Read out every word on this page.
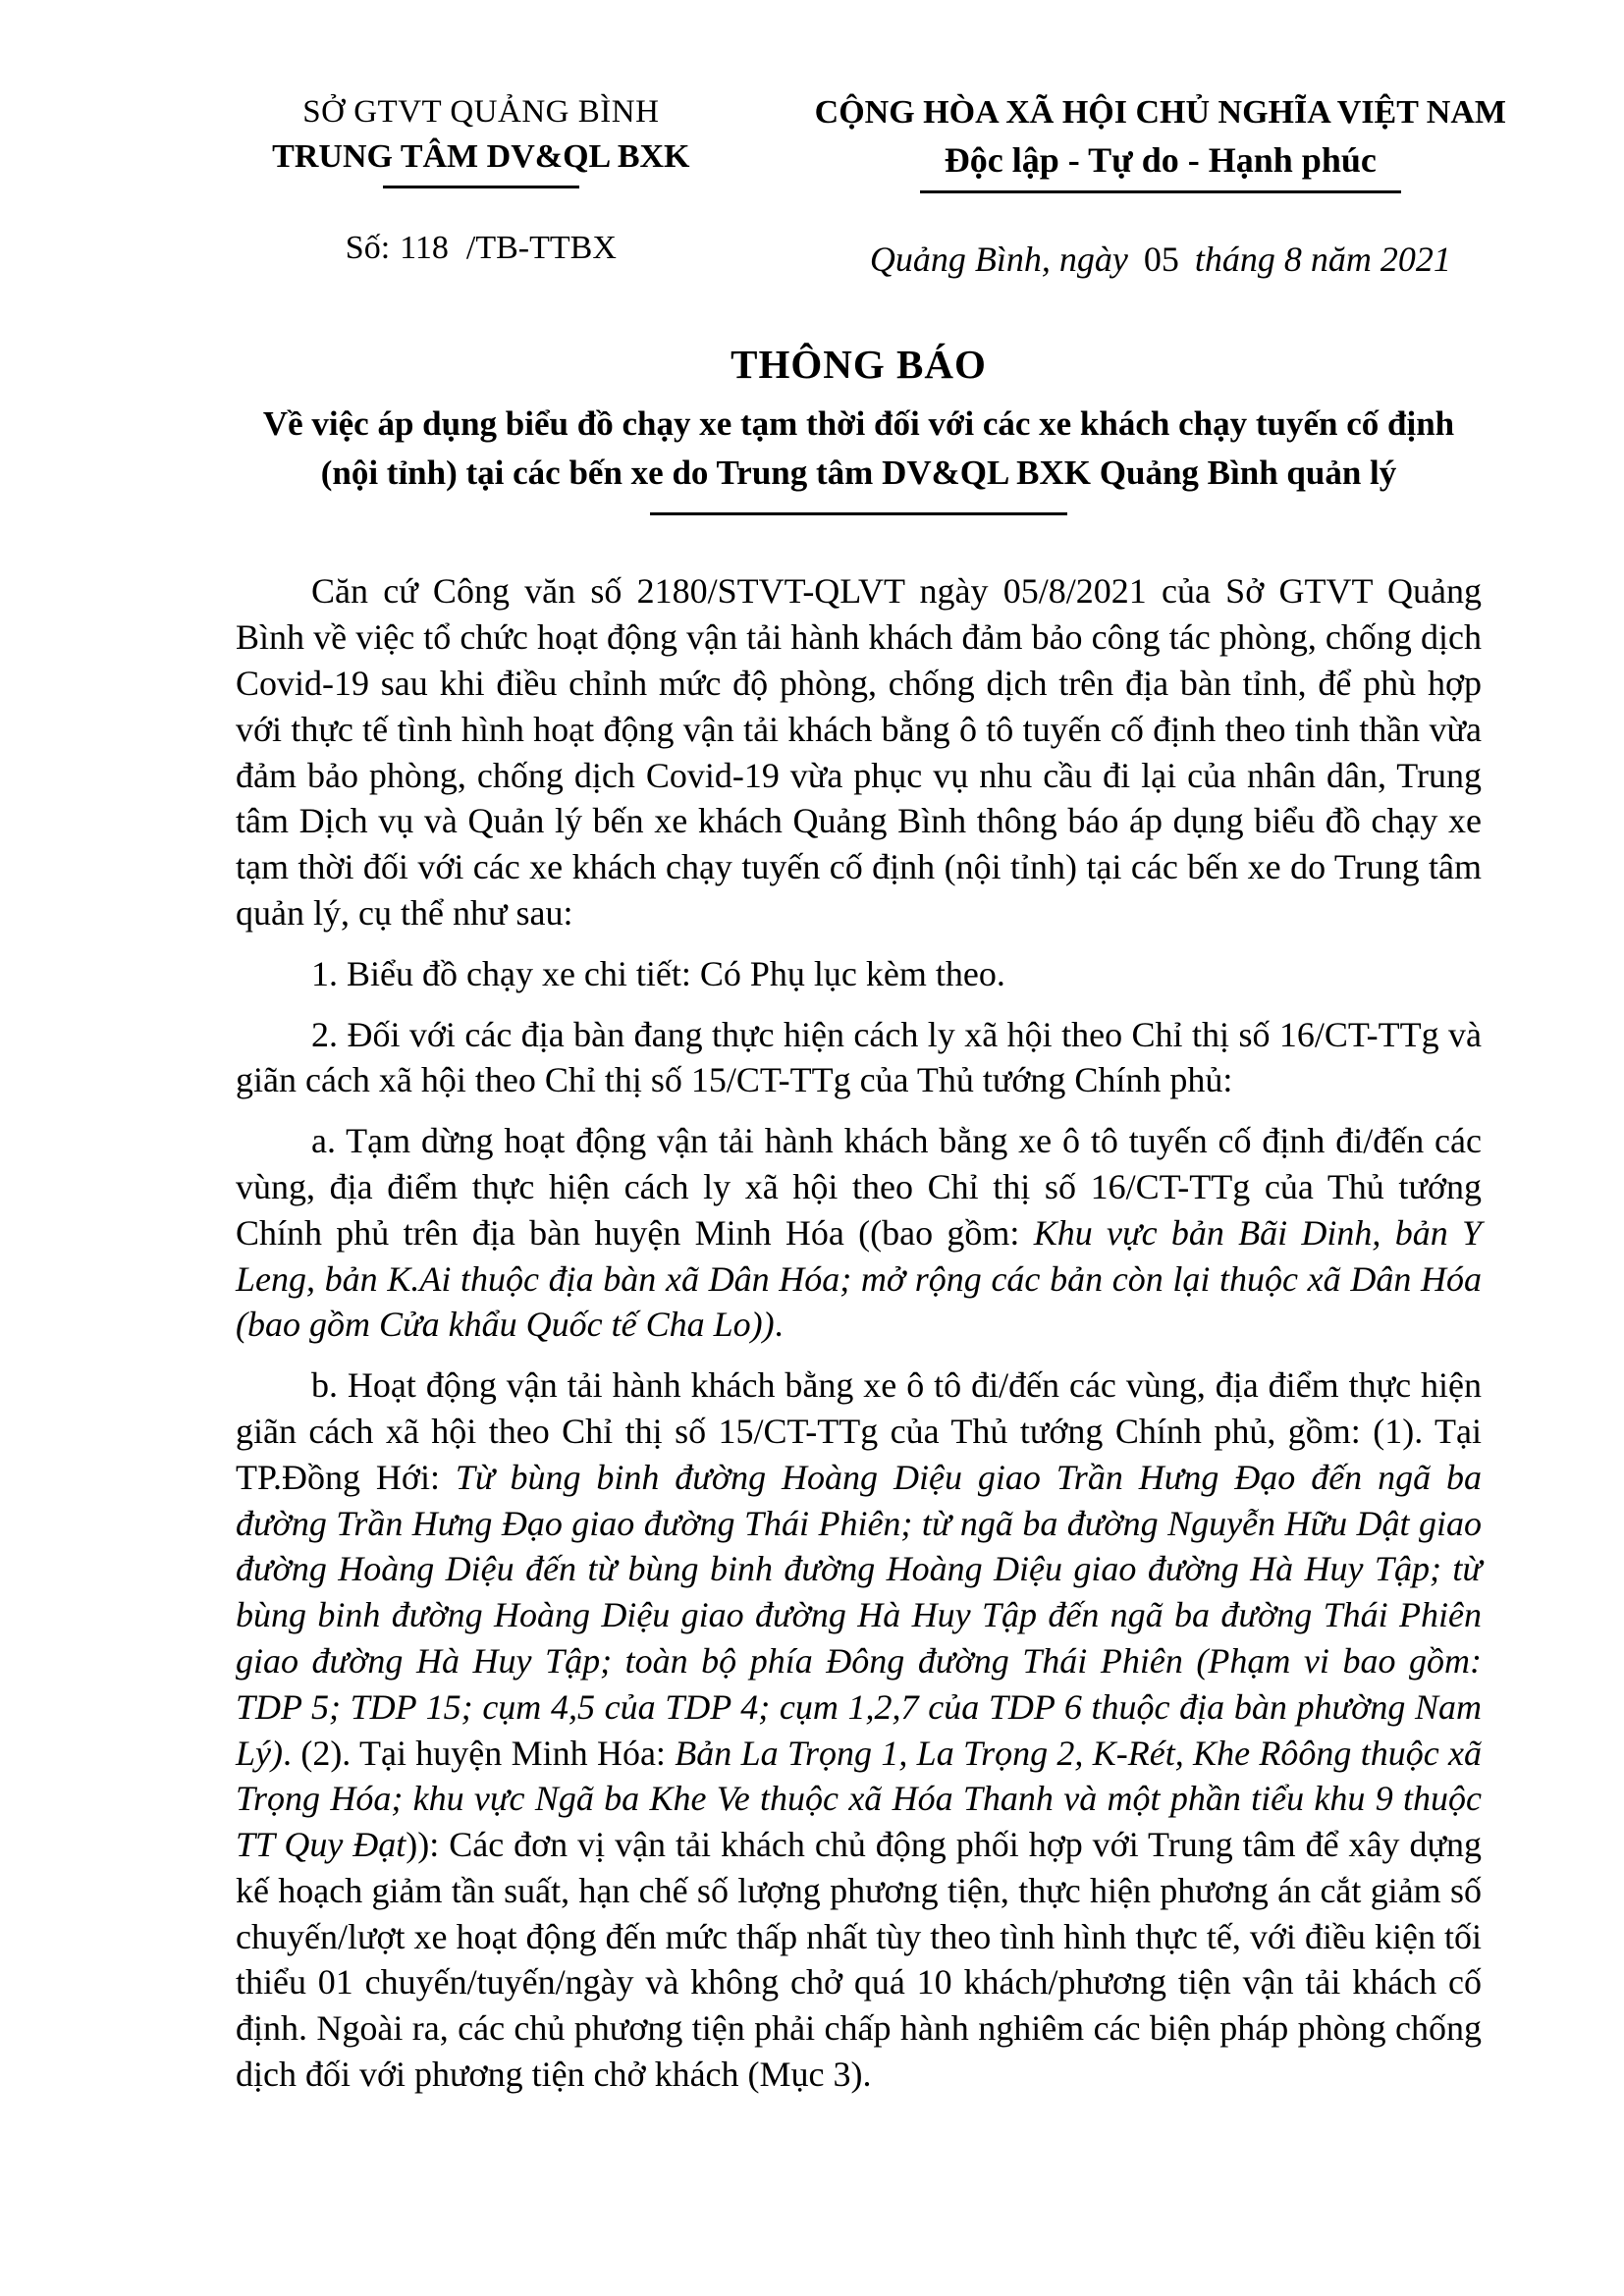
SỞ GTVT QUẢNG BÌNH
TRUNG TÂM DV&QL BXK
Số: 118 /TB-TTBX
CỘNG HÒA XÃ HỘI CHỦ NGHĨA VIỆT NAM
Độc lập - Tự do - Hạnh phúc
Quảng Bình, ngày 05 tháng 8 năm 2021
THÔNG BÁO
Về việc áp dụng biểu đồ chạy xe tạm thời đối với các xe khách chạy tuyến cố định (nội tỉnh) tại các bến xe do Trung tâm DV&QL BXK Quảng Bình quản lý

Căn cứ Công văn số 2180/STVT-QLVT ngày 05/8/2021 của Sở GTVT Quảng Bình về việc tổ chức hoạt động vận tải hành khách đảm bảo công tác phòng, chống dịch Covid-19 sau khi điều chỉnh mức độ phòng, chống dịch trên địa bàn tỉnh, để phù hợp với thực tế tình hình hoạt động vận tải khách bằng ô tô tuyến cố định theo tinh thần vừa đảm bảo phòng, chống dịch Covid-19 vừa phục vụ nhu cầu đi lại của nhân dân, Trung tâm Dịch vụ và Quản lý bến xe khách Quảng Bình thông báo áp dụng biểu đồ chạy xe tạm thời đối với các xe khách chạy tuyến cố định (nội tỉnh) tại các bến xe do Trung tâm quản lý, cụ thể như sau:

1. Biểu đồ chạy xe chi tiết: Có Phụ lục kèm theo.

2. Đối với các địa bàn đang thực hiện cách ly xã hội theo Chỉ thị số 16/CT-TTg và giãn cách xã hội theo Chỉ thị số 15/CT-TTg của Thủ tướng Chính phủ:

a. Tạm dừng hoạt động vận tải hành khách bằng xe ô tô tuyến cố định đi/đến các vùng, địa điểm thực hiện cách ly xã hội theo Chỉ thị số 16/CT-TTg của Thủ tướng Chính phủ trên địa bàn huyện Minh Hóa ((bao gồm: Khu vực bản Bãi Dinh, bản Y Leng, bản K.Ai thuộc địa bàn xã Dân Hóa; mở rộng các bản còn lại thuộc xã Dân Hóa (bao gồm Cửa khẩu Quốc tế Cha Lo)).

b. Hoạt động vận tải hành khách bằng xe ô tô đi/đến các vùng, địa điểm thực hiện giãn cách xã hội theo Chỉ thị số 15/CT-TTg của Thủ tướng Chính phủ, gồm: (1). Tại TP.Đồng Hới: Từ bùng binh đường Hoàng Diệu giao Trần Hưng Đạo đến ngã ba đường Trần Hưng Đạo giao đường Thái Phiên; từ ngã ba đường Nguyễn Hữu Dật giao đường Hoàng Diệu đến từ bùng binh đường Hoàng Diệu giao đường Hà Huy Tập; từ bùng binh đường Hoàng Diệu giao đường Hà Huy Tập đến ngã ba đường Thái Phiên giao đường Hà Huy Tập; toàn bộ phía Đông đường Thái Phiên (Phạm vi bao gồm: TDP 5; TDP 15; cụm 4,5 của TDP 4; cụm 1,2,7 của TDP 6 thuộc địa bàn phường Nam Lý). (2). Tại huyện Minh Hóa: Bản La Trọng 1, La Trọng 2, K-Rét, Khe Rôông thuộc xã Trọng Hóa; khu vực Ngã ba Khe Ve thuộc xã Hóa Thanh và một phần tiểu khu 9 thuộc TT Quy Đạt)): Các đơn vị vận tải khách chủ động phối hợp với Trung tâm để xây dựng kế hoạch giảm tần suất, hạn chế số lượng phương tiện, thực hiện phương án cắt giảm số chuyến/lượt xe hoạt động đến mức thấp nhất tùy theo tình hình thực tế, với điều kiện tối thiểu 01 chuyến/tuyến/ngày và không chở quá 10 khách/phương tiện vận tải khách cố định. Ngoài ra, các chủ phương tiện phải chấp hành nghiêm các biện pháp phòng chống dịch đối với phương tiện chở khách (Mục 3).
